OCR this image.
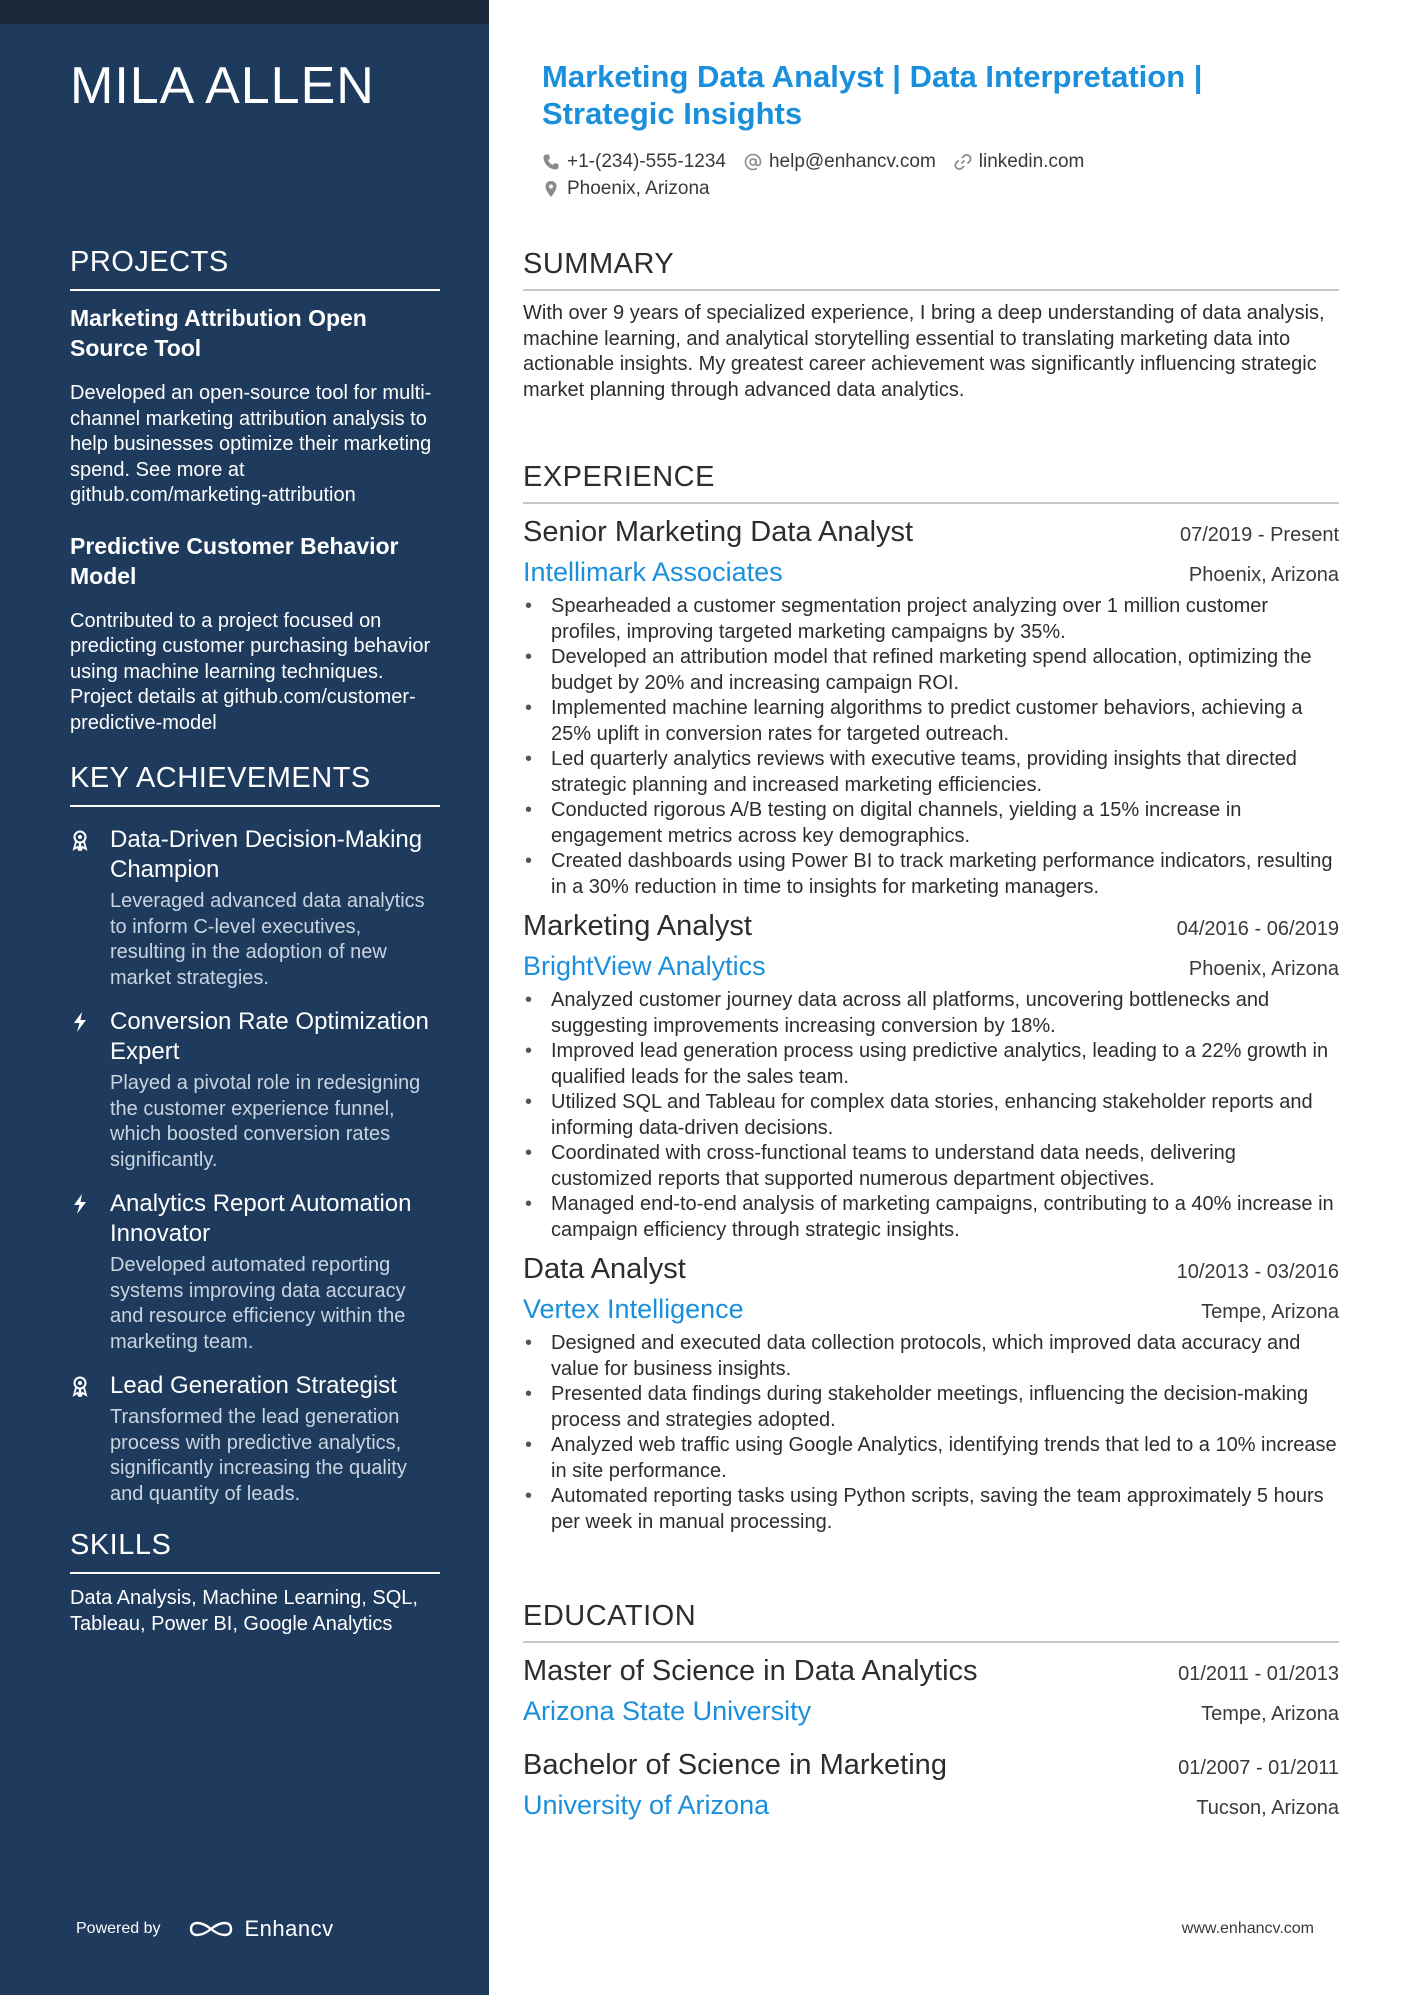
MILA ALLEN
PROJECTS

Marketing Attribution Open Source Tool

Developed an open-source tool for multi-channel marketing attribution analysis to help businesses optimize their marketing spend. See more at github.com/marketing-attribution

Predictive Customer Behavior Model

Contributed to a project focused on predicting customer purchasing behavior using machine learning techniques. Project details at github.com/customer-predictive-model

KEY ACHIEVEMENTS

Data-Driven Decision-Making Champion

Leveraged advanced data analytics to inform C-level executives, resulting in the adoption of new market strategies.

Conversion Rate Optimization Expert

Played a pivotal role in redesigning the customer experience funnel, which boosted conversion rates significantly.

Analytics Report Automation Innovator

Developed automated reporting systems improving data accuracy and resource efficiency within the marketing team.

Lead Generation Strategist

Transformed the lead generation process with predictive analytics, significantly increasing the quality and quantity of leads.

SKILLS
Data Analysis, Machine Learning, SQL, Tableau, Power BI, Google Analytics
Powered by	Enhancv
Marketing Data Analyst | Data Interpretation | Strategic Insights
+1-(234)-555-1234 help@enhancv.com linkedin.com
Phoenix, Arizona
SUMMARY

With over 9 years of specialized experience, I bring a deep understanding of data analysis, machine learning, and analytical storytelling essential to translating marketing data into actionable insights. My greatest career achievement was significantly influencing strategic market planning through advanced data analytics.

EXPERIENCE
Senior Marketing Data Analyst	07/2019 - Present
Intellimark Associates	Phoenix, Arizona
• Spearheaded a customer segmentation project analyzing over 1 million customer profiles, improving targeted marketing campaigns by 35%.
• Developed an attribution model that refined marketing spend allocation, optimizing the budget by 20% and increasing campaign ROI.
• Implemented machine learning algorithms to predict customer behaviors, achieving a 25% uplift in conversion rates for targeted outreach.
• Led quarterly analytics reviews with executive teams, providing insights that directed strategic planning and increased marketing efficiencies.
• Conducted rigorous A/B testing on digital channels, yielding a 15% increase in engagement metrics across key demographics.
• Created dashboards using Power BI to track marketing performance indicators, resulting in a 30% reduction in time to insights for marketing managers.
Marketing Analyst	04/2016 - 06/2019
BrightView Analytics	Phoenix, Arizona
• Analyzed customer journey data across all platforms, uncovering bottlenecks and suggesting improvements increasing conversion by 18%.
• Improved lead generation process using predictive analytics, leading to a 22% growth in qualified leads for the sales team.
• Utilized SQL and Tableau for complex data stories, enhancing stakeholder reports and informing data-driven decisions.
• Coordinated with cross-functional teams to understand data needs, delivering customized reports that supported numerous department objectives.
• Managed end-to-end analysis of marketing campaigns, contributing to a 40% increase in campaign efficiency through strategic insights.
Data Analyst	10/2013 - 03/2016
Vertex Intelligence	Tempe, Arizona
• Designed and executed data collection protocols, which improved data accuracy and value for business insights.
• Presented data findings during stakeholder meetings, influencing the decision-making process and strategies adopted.
• Analyzed web traffic using Google Analytics, identifying trends that led to a 10% increase in site performance.
• Automated reporting tasks using Python scripts, saving the team approximately 5 hours per week in manual processing.
EDUCATION
Master of Science in Data Analytics	01/2011 - 01/2013
Arizona State University	Tempe, Arizona
Bachelor of Science in Marketing	01/2007 - 01/2011
University of Arizona	Tucson, Arizona
www.enhancv.com
